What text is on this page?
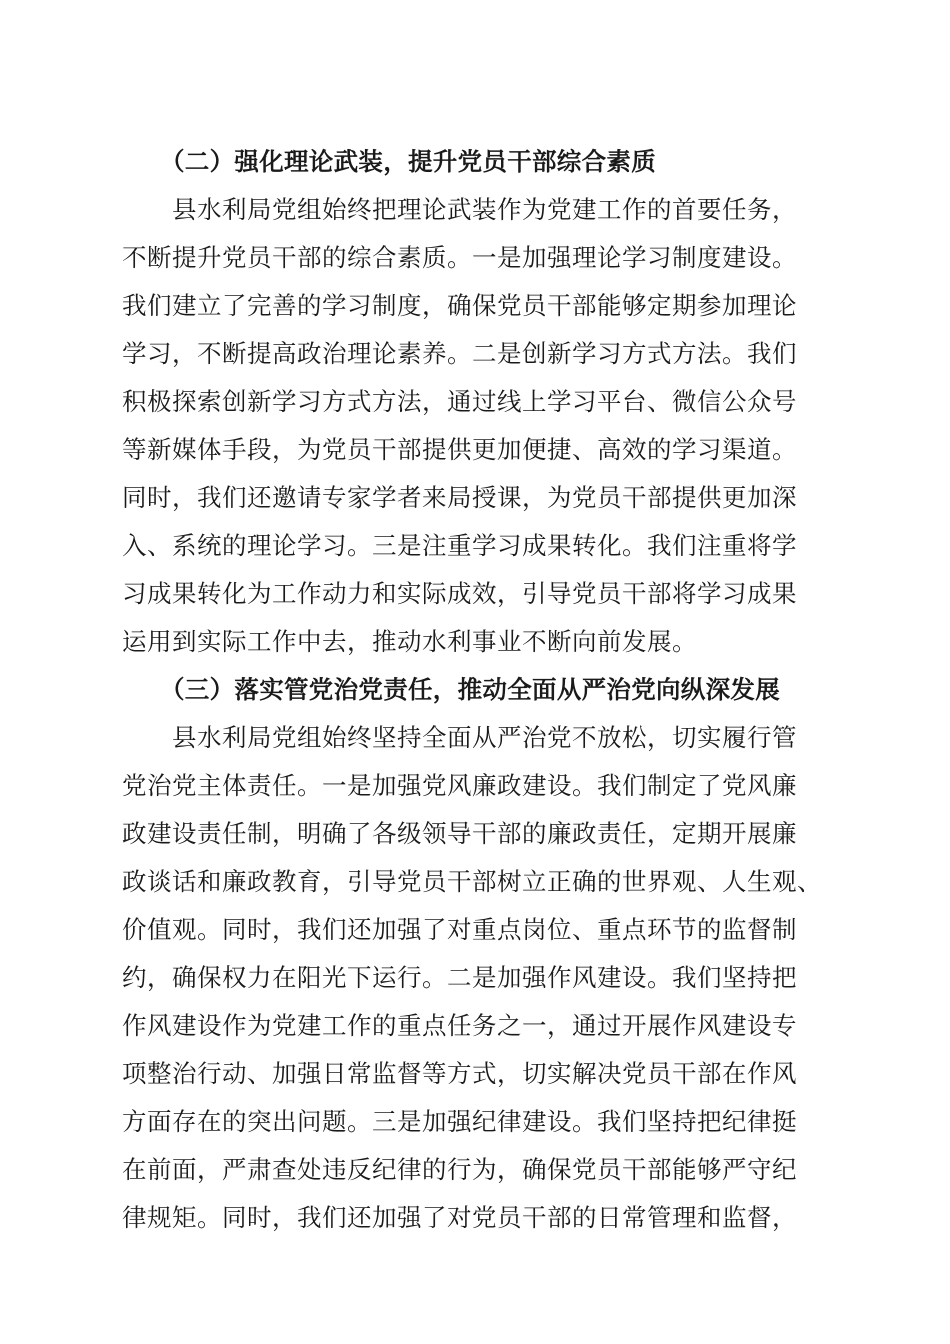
（二）强化理论武装，提升党员干部综合素质
县水利局党组始终把理论武装作为党建工作的首要任务，
不断提升党员干部的综合素质。一是加强理论学习制度建设。
我们建立了完善的学习制度，确保党员干部能够定期参加理论
学习，不断提高政治理论素养。二是创新学习方式方法。我们
积极探索创新学习方式方法，通过线上学习平台、微信公众号
等新媒体手段，为党员干部提供更加便捷、高效的学习渠道。
同时，我们还邀请专家学者来局授课，为党员干部提供更加深
入、系统的理论学习。三是注重学习成果转化。我们注重将学
习成果转化为工作动力和实际成效，引导党员干部将学习成果
运用到实际工作中去，推动水利事业不断向前发展。
（三）落实管党治党责任，推动全面从严治党向纵深发展
县水利局党组始终坚持全面从严治党不放松，切实履行管
党治党主体责任。一是加强党风廉政建设。我们制定了党风廉
政建设责任制，明确了各级领导干部的廉政责任，定期开展廉
政谈话和廉政教育，引导党员干部树立正确的世界观、人生观、
价值观。同时，我们还加强了对重点岗位、重点环节的监督制
约，确保权力在阳光下运行。二是加强作风建设。我们坚持把
作风建设作为党建工作的重点任务之一，通过开展作风建设专
项整治行动、加强日常监督等方式，切实解决党员干部在作风
方面存在的突出问题。三是加强纪律建设。我们坚持把纪律挺
在前面，严肃查处违反纪律的行为，确保党员干部能够严守纪
律规矩。同时，我们还加强了对党员干部的日常管理和监督，
